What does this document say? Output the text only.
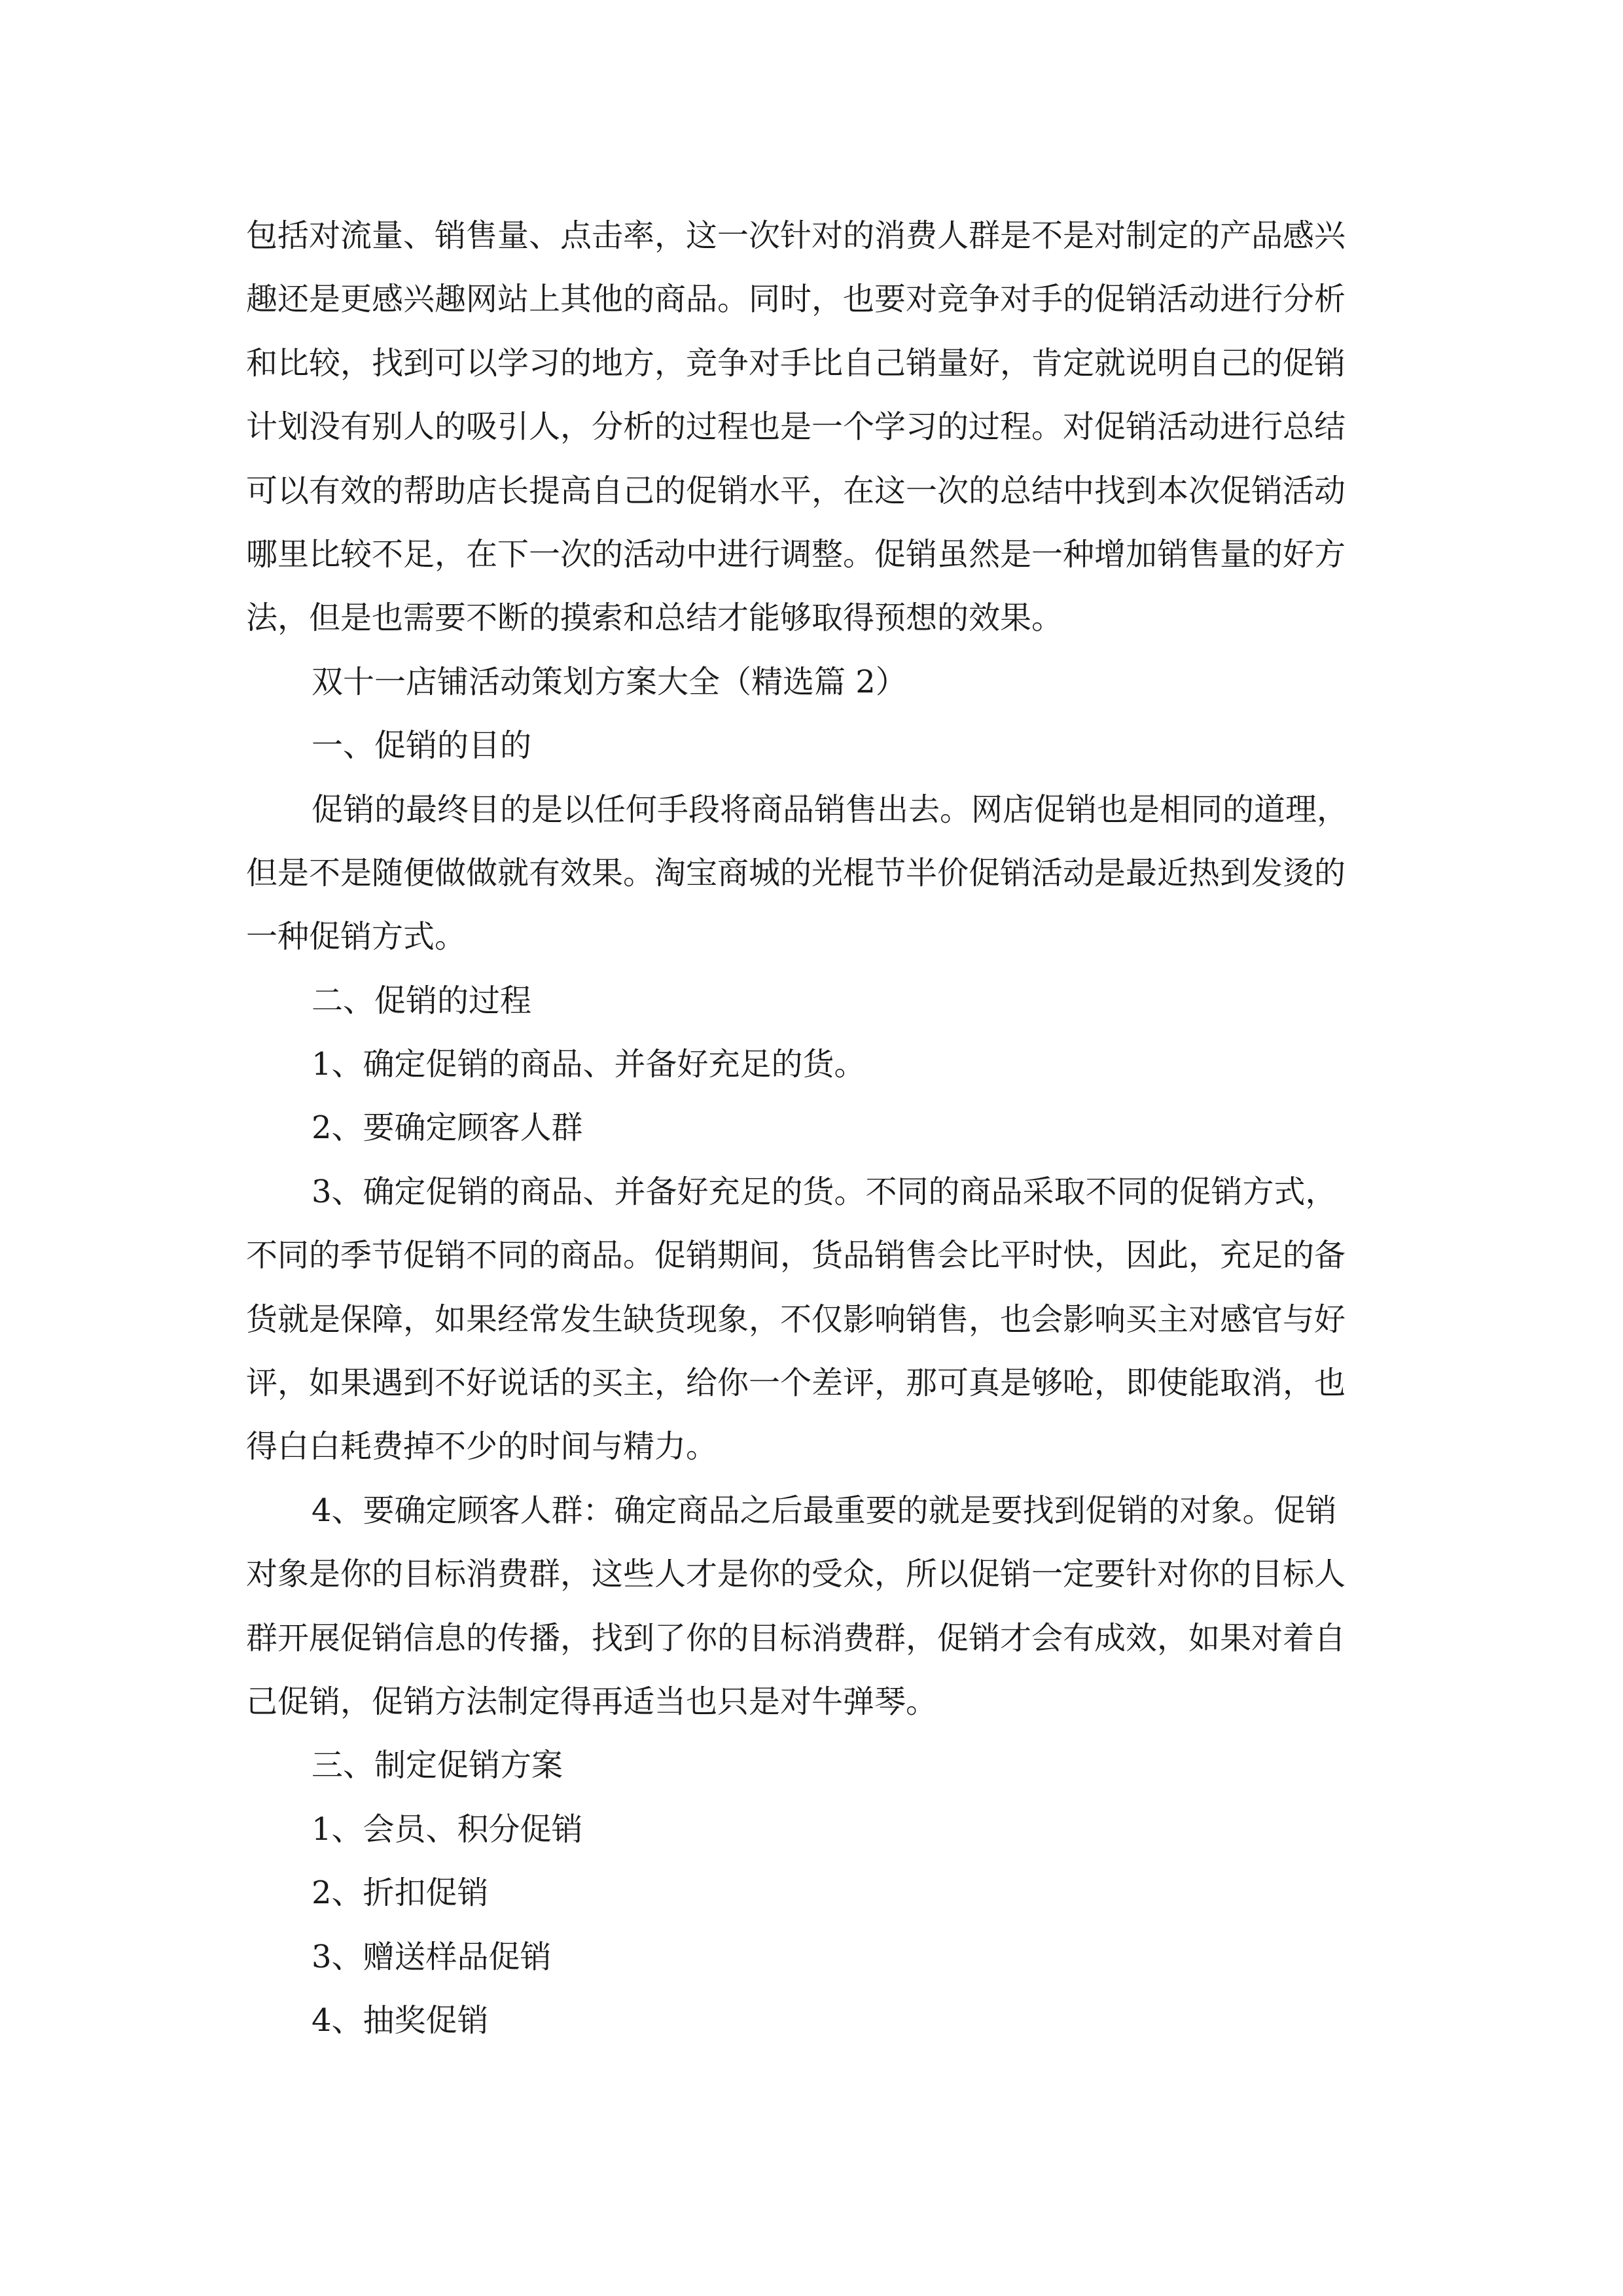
包括对流量、销售量、点击率，这一次针对的消费人群是不是对制定的产品感兴

趣还是更感兴趣网站上其他的商品。同时，也要对竞争对手的促销活动进行分析

和比较，找到可以学习的地方，竞争对手比自己销量好，肯定就说明自己的促销

计划没有别人的吸引人，分析的过程也是一个学习的过程。对促销活动进行总结

可以有效的帮助店长提高自己的促销水平，在这一次的总结中找到本次促销活动

哪里比较不足，在下一次的活动中进行调整。促销虽然是一种增加销售量的好方

法，但是也需要不断的摸索和总结才能够取得预想的效果。

双十一店铺活动策划方案大全（精选篇 2）

一、促销的目的

促销的最终目的是以任何手段将商品销售出去。网店促销也是相同的道理，

但是不是随便做做就有效果。淘宝商城的光棍节半价促销活动是最近热到发烫的

一种促销方式。

二、促销的过程

1、确定促销的商品、并备好充足的货。

2、要确定顾客人群

3、确定促销的商品、并备好充足的货。不同的商品采取不同的促销方式，

不同的季节促销不同的商品。促销期间，货品销售会比平时快，因此，充足的备

货就是保障，如果经常发生缺货现象，不仅影响销售，也会影响买主对感官与好

评，如果遇到不好说话的买主，给你一个差评，那可真是够呛，即使能取消，也

得白白耗费掉不少的时间与精力。

4、要确定顾客人群：确定商品之后最重要的就是要找到促销的对象。促销

对象是你的目标消费群，这些人才是你的受众，所以促销一定要针对你的目标人

群开展促销信息的传播，找到了你的目标消费群，促销才会有成效，如果对着自

己促销，促销方法制定得再适当也只是对牛弹琴。

三、制定促销方案

1、会员、积分促销

2、折扣促销

3、赠送样品促销

4、抽奖促销
